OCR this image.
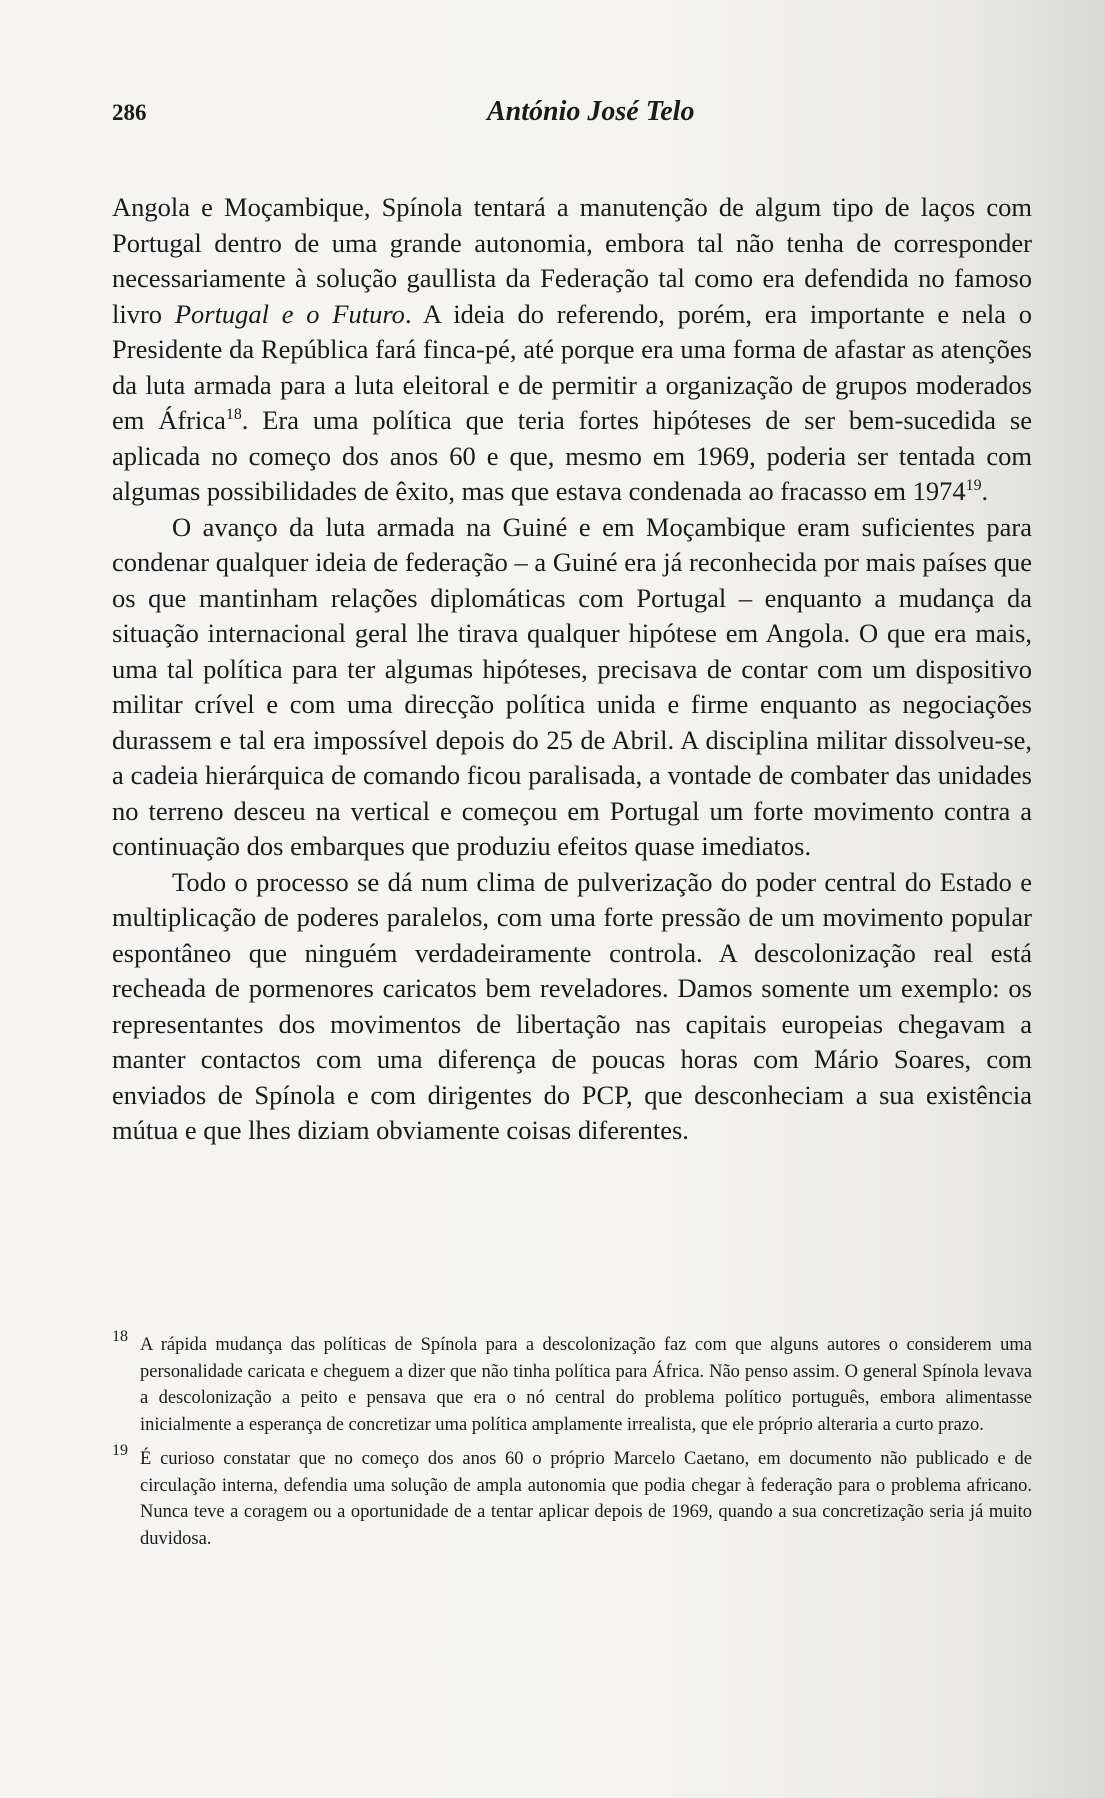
286	António José Telo

Angola e Moçambique, Spínola tentará a manutenção de algum tipo de laços com Portugal dentro de uma grande autonomia, embora tal não tenha de corresponder necessariamente à solução gaullista da Federação tal como era defendida no famoso livro Portugal e o Futuro. A ideia do referendo, porém, era importante e nela o Presidente da República fará finca-pé, até porque era uma forma de afastar as atenções da luta armada para a luta eleitoral e de permitir a organização de grupos moderados em África$^{18}$. Era uma política que teria fortes hipóteses de ser bem-sucedida se aplicada no começo dos anos 60 e que, mesmo em 1969, poderia ser tentada com algumas possibilidades de êxito, mas que estava condenada ao fracasso em 1974$^{19}$.

O avanço da luta armada na Guiné e em Moçambique eram suficientes para condenar qualquer ideia de federação – a Guiné era já reconhecida por mais países que os que mantinham relações diplomáticas com Portugal – enquanto a mudança da situação internacional geral lhe tirava qualquer hipótese em Angola. O que era mais, uma tal política para ter algumas hipóteses, precisava de contar com um dispositivo militar crível e com uma direcção política unida e firme enquanto as negociações durassem e tal era impossível depois do 25 de Abril. A disciplina militar dissolveu-se, a cadeia hierárquica de comando ficou paralisada, a vontade de combater das unidades no terreno desceu na vertical e começou em Portugal um forte movimento contra a continuação dos embarques que produziu efeitos quase imediatos.

Todo o processo se dá num clima de pulverização do poder central do Estado e multiplicação de poderes paralelos, com uma forte pressão de um movimento popular espontâneo que ninguém verdadeiramente controla. A descolonização real está recheada de pormenores caricatos bem reveladores. Damos somente um exemplo: os representantes dos movimentos de libertação nas capitais europeias chegavam a manter contactos com uma diferença de poucas horas com Mário Soares, com enviados de Spínola e com dirigentes do PCP, que desconheciam a sua existência mútua e que lhes diziam obviamente coisas diferentes.

18 A rápida mudança das políticas de Spínola para a descolonização faz com que alguns autores o considerem uma personalidade caricata e cheguem a dizer que não tinha política para África. Não penso assim. O general Spínola levava a descolonização a peito e pensava que era o nó central do problema político português, embora alimentasse inicialmente a esperança de concretizar uma política amplamente irrealista, que ele próprio alteraria a curto prazo.
19 É curioso constatar que no começo dos anos 60 o próprio Marcelo Caetano, em documento não publicado e de circulação interna, defendia uma solução de ampla autonomia que podia chegar à federação para o problema africano. Nunca teve a coragem ou a oportunidade de a tentar aplicar depois de 1969, quando a sua concretização seria já muito duvidosa.
